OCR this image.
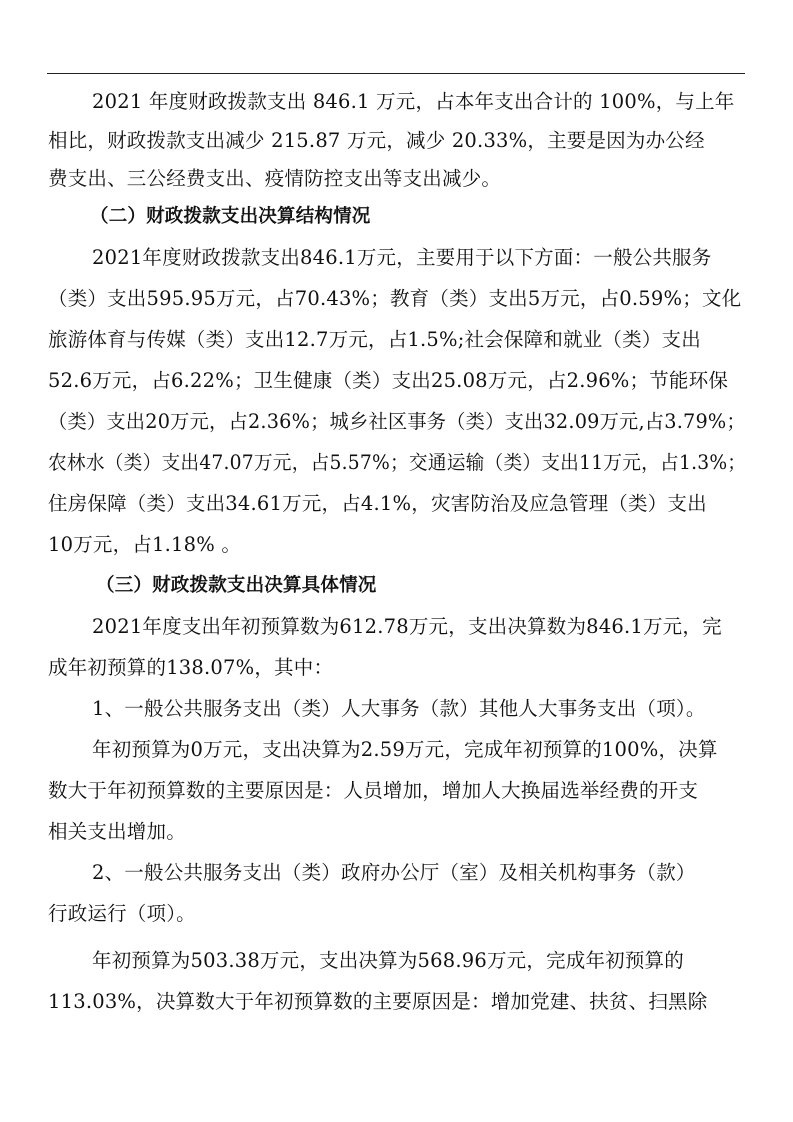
2021 年度财政拨款支出 846.1 万元，占本年支出合计的 100%，与上年
相比，财政拨款支出减少 215.87 万元，减少 20.33%，主要是因为办公经
费支出、三公经费支出、疫情防控支出等支出减少。
（二）财政拨款支出决算结构情况
2021年度财政拨款支出846.1万元，主要用于以下方面：一般公共服务
（类）支出595.95万元，占70.43%；教育（类）支出5万元，占0.59%；文化
旅游体育与传媒（类）支出12.7万元，占1.5%;社会保障和就业（类）支出
52.6万元，占6.22%；卫生健康（类）支出25.08万元，占2.96%；节能环保
（类）支出20万元，占2.36%；城乡社区事务（类）支出32.09万元,占3.79%；
农林水（类）支出47.07万元，占5.57%；交通运输（类）支出11万元，占1.3%；
住房保障（类）支出34.61万元，占4.1%，灾害防治及应急管理（类）支出
10万元，占1.18% 。
（三）财政拨款支出决算具体情况
2021年度支出年初预算数为612.78万元，支出决算数为846.1万元，完
成年初预算的138.07%，其中：
1、一般公共服务支出（类）人大事务（款）其他人大事务支出（项）。
年初预算为0万元，支出决算为2.59万元，完成年初预算的100%，决算
数大于年初预算数的主要原因是：人员增加，增加人大换届选举经费的开支
相关支出增加。
2、一般公共服务支出（类）政府办公厅（室）及相关机构事务（款）
行政运行（项）。
年初预算为503.38万元，支出决算为568.96万元，完成年初预算的
113.03%，决算数大于年初预算数的主要原因是：增加党建、扶贫、扫黑除
